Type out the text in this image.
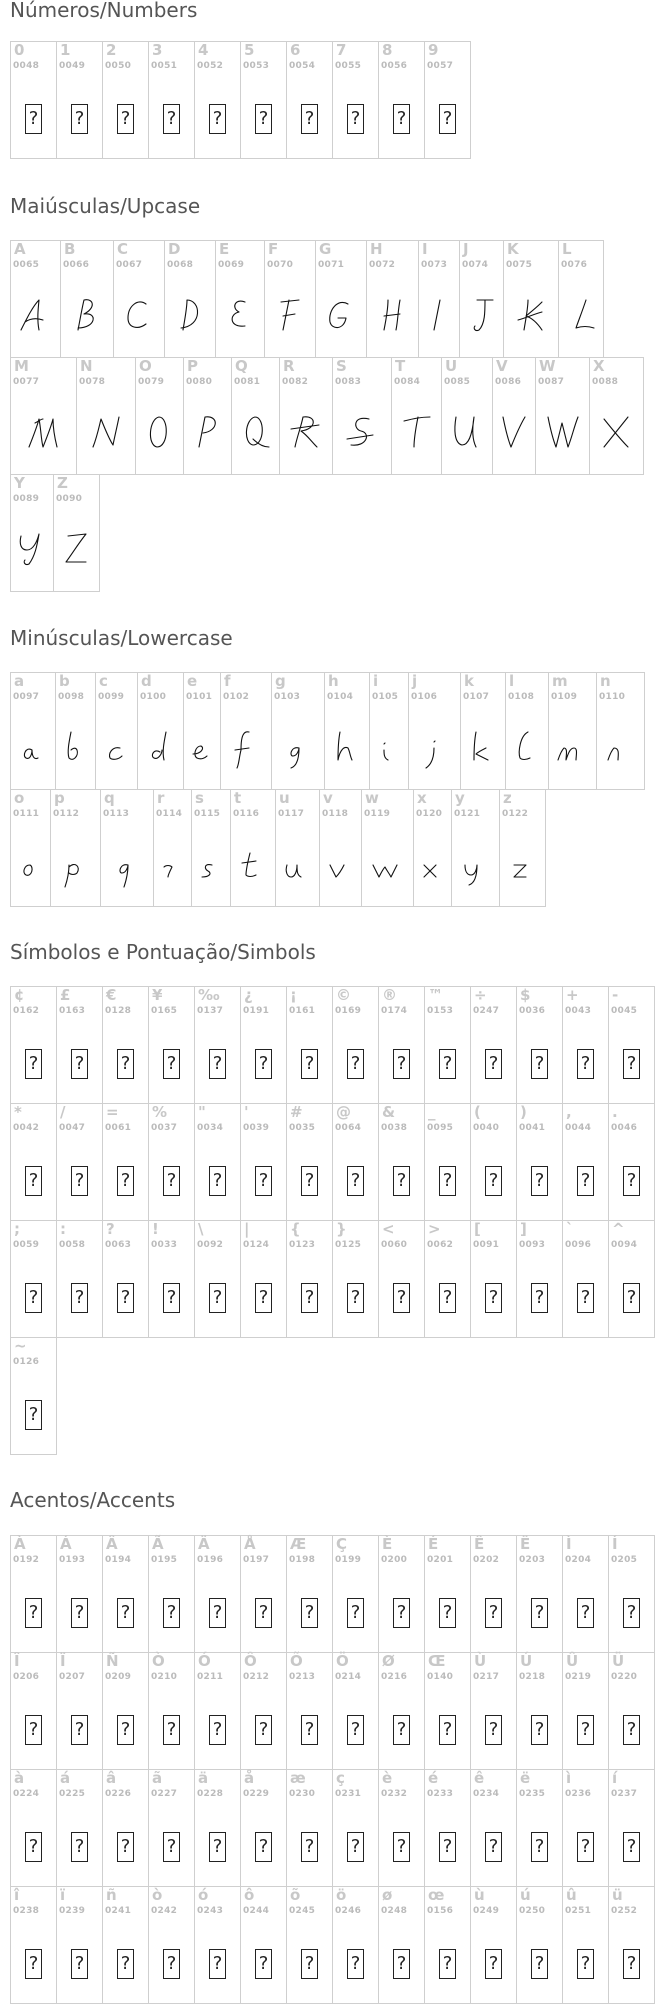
Números/Numbers
0
0048
?
1
0049
?
2
0050
?
3
0051
?
4
0052
?
5
0053
?
6
0054
?
7
0055
?
8
0056
?
9
0057
?
Maiúsculas/Upcase
A
0065
B
0066
C
0067
D
0068
E
0069
F
0070
G
0071
H
0072
I
0073
J
0074
K
0075
L
0076
M
0077
N
0078
O
0079
P
0080
Q
0081
R
0082
S
0083
T
0084
U
0085
V
0086
W
0087
X
0088
Y
0089
Z
0090
Minúsculas/Lowercase
a
0097
b
0098
c
0099
d
0100
e
0101
f
0102
g
0103
h
0104
i
0105
j
0106
k
0107
l
0108
m
0109
n
0110
o
0111
p
0112
q
0113
r
0114
s
0115
t
0116
u
0117
v
0118
w
0119
x
0120
y
0121
z
0122
Símbolos e Pontuação/Simbols
¢
0162
?
£
0163
?
€
0128
?
¥
0165
?
‰
0137
?
¿
0191
?
¡
0161
?
©
0169
?
®
0174
?
™
0153
?
÷
0247
?
$
0036
?
+
0043
?
-
0045
?
*
0042
?
/
0047
?
=
0061
?
%
0037
?
"
0034
?
'
0039
?
#
0035
?
@
0064
?
&
0038
?
_
0095
?
(
0040
?
)
0041
?
,
0044
?
.
0046
?
;
0059
?
:
0058
?
?
0063
?
!
0033
?
\
0092
?
|
0124
?
{
0123
?
}
0125
?
<
0060
?
>
0062
?
[
0091
?
]
0093
?
`
0096
?
^
0094
?
~
0126
?
Acentos/Accents
À
0192
?
Á
0193
?
Â
0194
?
Ã
0195
?
Ä
0196
?
Å
0197
?
Æ
0198
?
Ç
0199
?
È
0200
?
É
0201
?
Ê
0202
?
Ë
0203
?
Ì
0204
?
Í
0205
?
Î
0206
?
Ï
0207
?
Ñ
0209
?
Ò
0210
?
Ó
0211
?
Ô
0212
?
Õ
0213
?
Ö
0214
?
Ø
0216
?
Œ
0140
?
Ù
0217
?
Ú
0218
?
Û
0219
?
Ü
0220
?
à
0224
?
á
0225
?
â
0226
?
ã
0227
?
ä
0228
?
å
0229
?
æ
0230
?
ç
0231
?
è
0232
?
é
0233
?
ê
0234
?
ë
0235
?
ì
0236
?
í
0237
?
î
0238
?
ï
0239
?
ñ
0241
?
ò
0242
?
ó
0243
?
ô
0244
?
õ
0245
?
ö
0246
?
ø
0248
?
œ
0156
?
ù
0249
?
ú
0250
?
û
0251
?
ü
0252
?
